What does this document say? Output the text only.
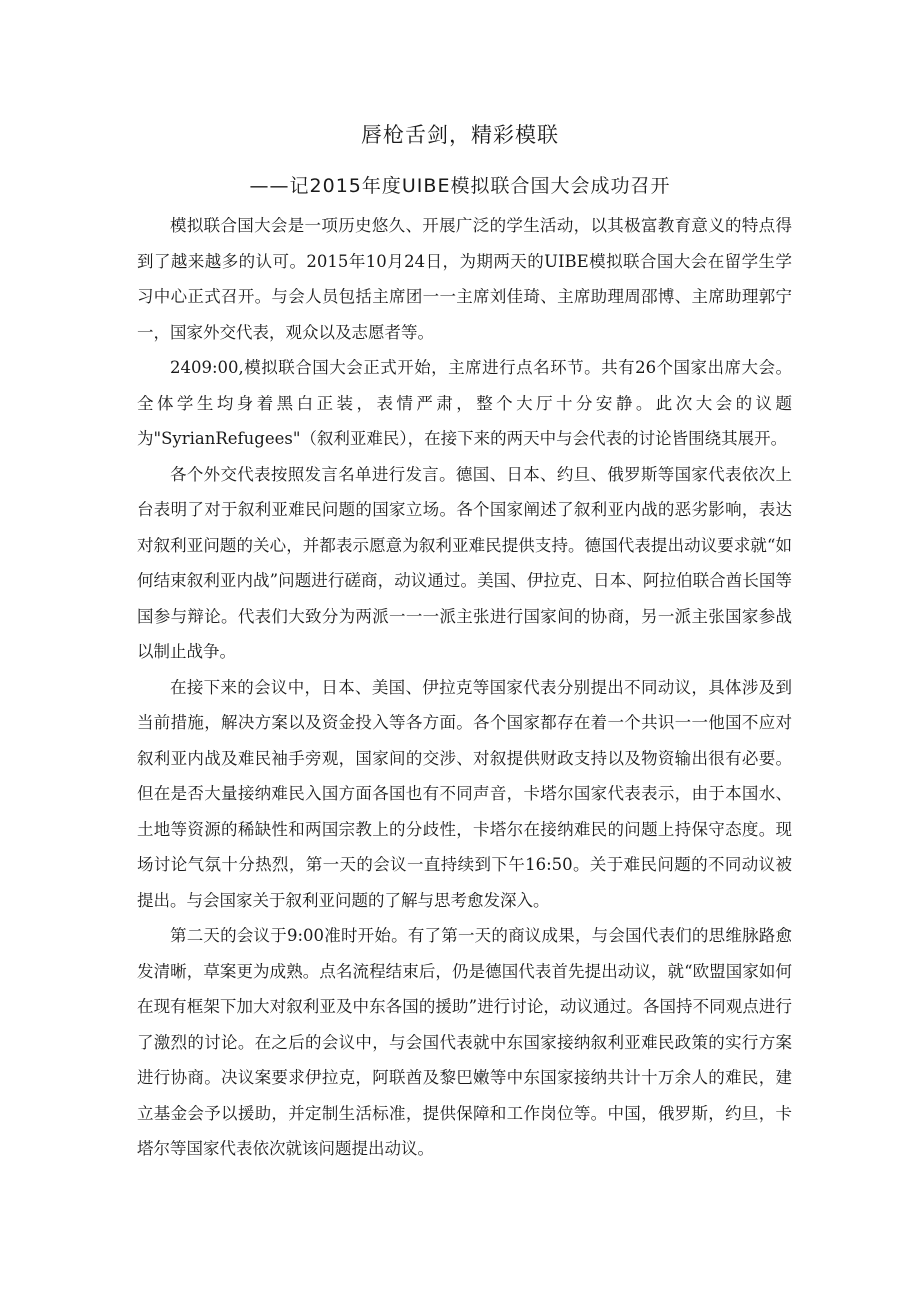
唇枪舌剑，精彩模联
——记2015年度UIBE模拟联合国大会成功召开

模拟联合国大会是一项历史悠久、开展广泛的学生活动，以其极富教育意义的特点得到了越来越多的认可。2015年10月24日，为期两天的UIBE模拟联合国大会在留学生学习中心正式召开。与会人员包括主席团一一主席刘佳琦、主席助理周邵博、主席助理郭宁一，国家外交代表，观众以及志愿者等。

2409:00,模拟联合国大会正式开始，主席进行点名环节。共有26个国家出席大会。全体学生均身着黑白正装，表情严肃，整个大厅十分安静。此次大会的议题为"SyrianRefugees"（叙利亚难民），在接下来的两天中与会代表的讨论皆围绕其展开。

各个外交代表按照发言名单进行发言。德国、日本、约旦、俄罗斯等国家代表依次上台表明了对于叙利亚难民问题的国家立场。各个国家阐述了叙利亚内战的恶劣影响，表达对叙利亚问题的关心，并都表示愿意为叙利亚难民提供支持。德国代表提出动议要求就“如何结束叙利亚内战”问题进行磋商，动议通过。美国、伊拉克、日本、阿拉伯联合酋长国等国参与辩论。代表们大致分为两派一一一派主张进行国家间的协商，另一派主张国家参战以制止战争。

在接下来的会议中，日本、美国、伊拉克等国家代表分别提出不同动议，具体涉及到当前措施，解决方案以及资金投入等各方面。各个国家都存在着一个共识一一他国不应对叙利亚内战及难民袖手旁观，国家间的交涉、对叙提供财政支持以及物资输出很有必要。但在是否大量接纳难民入国方面各国也有不同声音，卡塔尔国家代表表示，由于本国水、土地等资源的稀缺性和两国宗教上的分歧性，卡塔尔在接纳难民的问题上持保守态度。现场讨论气氛十分热烈，第一天的会议一直持续到下午16:50。关于难民问题的不同动议被提出。与会国家关于叙利亚问题的了解与思考愈发深入。

第二天的会议于9:00准时开始。有了第一天的商议成果，与会国代表们的思维脉路愈发清晰，草案更为成熟。点名流程结束后，仍是德国代表首先提出动议，就“欧盟国家如何在现有框架下加大对叙利亚及中东各国的援助”进行讨论，动议通过。各国持不同观点进行了激烈的讨论。在之后的会议中，与会国代表就中东国家接纳叙利亚难民政策的实行方案进行协商。决议案要求伊拉克，阿联酋及黎巴嫩等中东国家接纳共计十万余人的难民，建立基金会予以援助，并定制生活标准，提供保障和工作岗位等。中国，俄罗斯，约旦，卡塔尔等国家代表依次就该问题提出动议。
